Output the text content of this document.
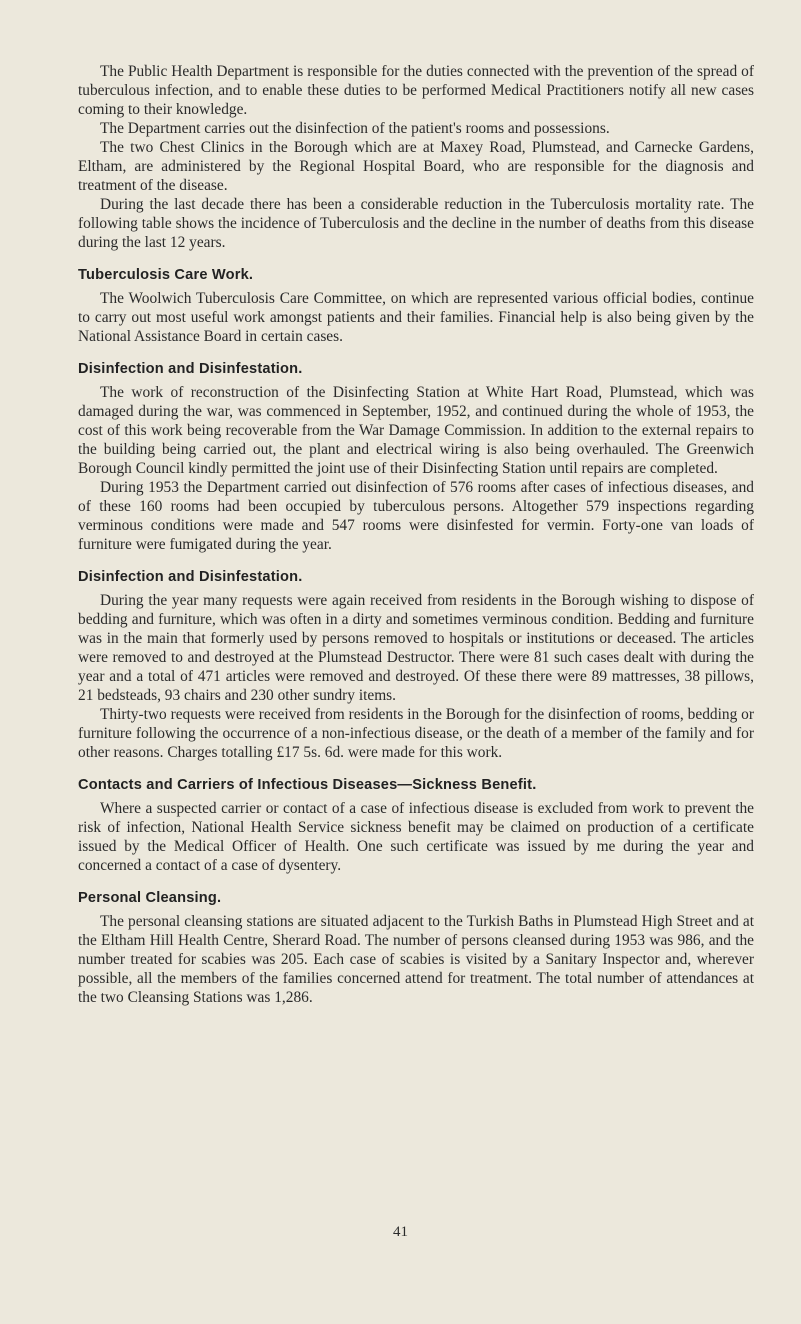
The Public Health Department is responsible for the duties connected with the prevention of the spread of tuberculous infection, and to enable these duties to be performed Medical Practitioners notify all new cases coming to their knowledge.

The Department carries out the disinfection of the patient's rooms and possessions.

The two Chest Clinics in the Borough which are at Maxey Road, Plumstead, and Carnecke Gardens, Eltham, are administered by the Regional Hospital Board, who are responsible for the diagnosis and treatment of the disease.

During the last decade there has been a considerable reduction in the Tuberculosis mortality rate. The following table shows the incidence of Tuberculosis and the decline in the number of deaths from this disease during the last 12 years.

Tuberculosis Care Work.

The Woolwich Tuberculosis Care Committee, on which are represented various official bodies, continue to carry out most useful work amongst patients and their families. Financial help is also being given by the National Assistance Board in certain cases.

Disinfection and Disinfestation.

The work of reconstruction of the Disinfecting Station at White Hart Road, Plumstead, which was damaged during the war, was commenced in September, 1952, and continued during the whole of 1953, the cost of this work being recoverable from the War Damage Commission. In addition to the external repairs to the building being carried out, the plant and electrical wiring is also being overhauled. The Greenwich Borough Council kindly permitted the joint use of their Disinfecting Station until repairs are completed.

During 1953 the Department carried out disinfection of 576 rooms after cases of infectious diseases, and of these 160 rooms had been occupied by tuberculous persons. Altogether 579 inspections regarding verminous conditions were made and 547 rooms were disinfested for vermin. Forty-one van loads of furniture were fumigated during the year.

Disinfection and Disinfestation.

During the year many requests were again received from residents in the Borough wishing to dispose of bedding and furniture, which was often in a dirty and sometimes verminous condition. Bedding and furniture was in the main that formerly used by persons removed to hospitals or institutions or deceased. The articles were removed to and destroyed at the Plumstead Destructor. There were 81 such cases dealt with during the year and a total of 471 articles were removed and destroyed. Of these there were 89 mattresses, 38 pillows, 21 bedsteads, 93 chairs and 230 other sundry items.

Thirty-two requests were received from residents in the Borough for the disinfection of rooms, bedding or furniture following the occurrence of a non-infectious disease, or the death of a member of the family and for other reasons. Charges totalling £17 5s. 6d. were made for this work.

Contacts and Carriers of Infectious Diseases—Sickness Benefit.

Where a suspected carrier or contact of a case of infectious disease is excluded from work to prevent the risk of infection, National Health Service sickness benefit may be claimed on production of a certificate issued by the Medical Officer of Health. One such certificate was issued by me during the year and concerned a contact of a case of dysentery.

Personal Cleansing.

The personal cleansing stations are situated adjacent to the Turkish Baths in Plumstead High Street and at the Eltham Hill Health Centre, Sherard Road. The number of persons cleansed during 1953 was 986, and the number treated for scabies was 205. Each case of scabies is visited by a Sanitary Inspector and, wherever possible, all the members of the families concerned attend for treatment. The total number of attendances at the two Cleansing Stations was 1,286.

41
